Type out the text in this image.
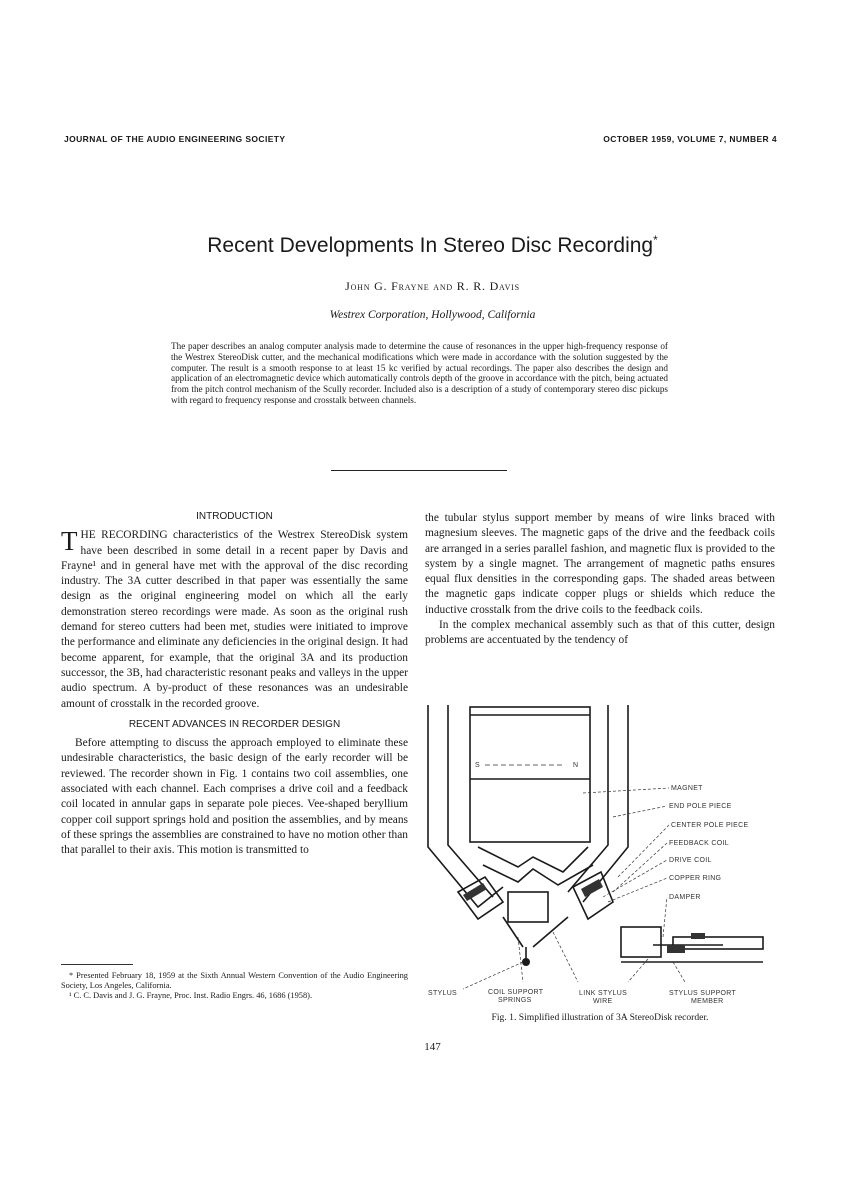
JOURNAL OF THE AUDIO ENGINEERING SOCIETY	OCTOBER 1959, VOLUME 7, NUMBER 4
Recent Developments In Stereo Disc Recording*
John G. Frayne and R. R. Davis
Westrex Corporation, Hollywood, California
The paper describes an analog computer analysis made to determine the cause of resonances in the upper high-frequency response of the Westrex StereoDisk cutter, and the mechanical modifications which were made in accordance with the solution suggested by the computer. The result is a smooth response to at least 15 kc verified by actual recordings. The paper also describes the design and application of an electromagnetic device which automatically controls depth of the groove in accordance with the pitch, being actuated from the pitch control mechanism of the Scully recorder. Included also is a description of a study of contemporary stereo disc pickups with regard to frequency response and crosstalk between channels.
INTRODUCTION

THE RECORDING characteristics of the Westrex StereoDisk system have been described in some detail in a recent paper by Davis and Frayne¹ and in general have met with the approval of the disc recording industry. The 3A cutter described in that paper was essentially the same design as the original engineering model on which all the early demonstration stereo recordings were made. As soon as the original rush demand for stereo cutters had been met, studies were initiated to improve the performance and eliminate any deficiencies in the original design. It had become apparent, for example, that the original 3A and its production successor, the 3B, had characteristic resonant peaks and valleys in the upper audio spectrum. A by-product of these resonances was an undesirable amount of crosstalk in the recorded groove.

RECENT ADVANCES IN RECORDER DESIGN

Before attempting to discuss the approach employed to eliminate these undesirable characteristics, the basic design of the early recorder will be reviewed. The recorder shown in Fig. 1 contains two coil assemblies, one associated with each channel. Each comprises a drive coil and a feedback coil located in annular gaps in separate pole pieces. Vee-shaped beryllium copper coil support springs hold and position the assemblies, and by means of these springs the assemblies are constrained to have no motion other than that parallel to their axis. This motion is transmitted to

the tubular stylus support member by means of wire links braced with magnesium sleeves. The magnetic gaps of the drive and the feedback coils are arranged in a series parallel fashion, and magnetic flux is provided to the system by a single magnet. The arrangement of magnetic paths ensures equal flux densities in the corresponding gaps. The shaded areas between the magnetic gaps indicate copper plugs or shields which reduce the inductive crosstalk from the drive coils to the feedback coils.

In the complex mechanical assembly such as that of this cutter, design problems are accentuated by the tendency of

S	N
MAGNET
END POLE PIECE
CENTER POLE PIECE
FEEDBACK COIL
DRIVE COIL
COPPER RING
DAMPER
STYLUS	COIL SUPPORT
SPRINGS
LINK STYLUS
WIRE
STYLUS SUPPORT
MEMBER
Fig. 1. Simplified illustration of 3A StereoDisk recorder.

* Presented February 18, 1959 at the Sixth Annual Western Convention of the Audio Engineering Society, Los Angeles, California.

¹ C. C. Davis and J. G. Frayne, Proc. Inst. Radio Engrs. 46, 1686 (1958).

147
